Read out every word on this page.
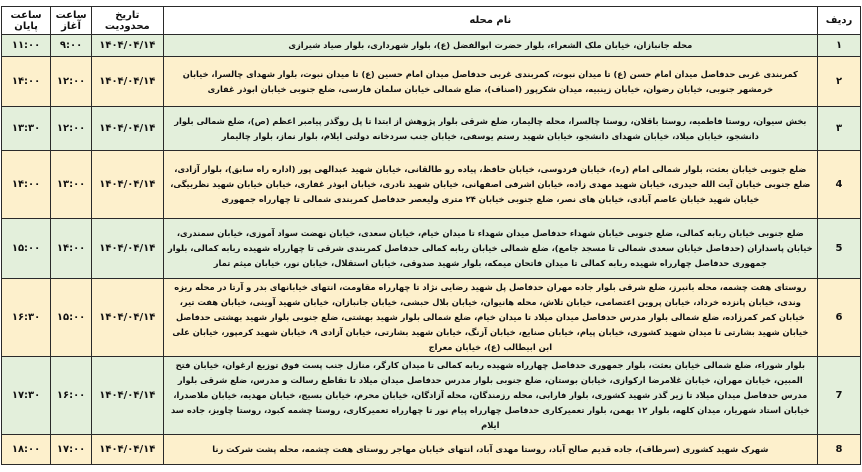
ردیف	نام محله	تاریخ محدودیت	ساعت آغاز	ساعت پایان
۱	محله جانبازان، خیابان ملک الشعراء، بلوار حضرت ابوالفضل (ع)، بلوار شهرداری، بلوار صیاد شیرازی	۱۴۰۴/۰۴/۱۴	۹:۰۰	۱۱:۰۰
۲	کمربندی غربی حدفاصل میدان امام حسن (ع) تا میدان نبوت، کمربندی غربی حدفاصل میدان امام حسین (ع) تا میدان نبوت، بلوار شهدای چالسرا، خیابان خرمشهر جنوبی، خیابان رضوان، خیابان زینبیه، میدان شکرپور (اصناف)، ضلع شمالی خیابان سلمان فارسی، ضلع جنوبی خیابان ابوذر غفاری	۱۴۰۴/۰۴/۱۴	۱۲:۰۰	۱۴:۰۰
۳	بخش سیوان، روستا فاطمیه، روستا باقلان، روستا چالسرا، محله چالیمار، ضلع شرقی بلوار پژوهش از ابتدا تا پل روگذر پیامبر اعظم (ص)، ضلع شمالی بلوار دانشجو، خیابان میلاد، خیابان شهدای دانشجو، خیابان شهید رستم یوسفی، خیابان جنب سردخانه دولتی ایلام، بلوار نماز، بلوار چالیمار	۱۴۰۴/۰۴/۱۴	۱۲:۰۰	۱۳:۳۰
4	ضلع جنوبی خیابان بعثت، بلوار شمالی امام (ره)، خیابان فردوسی، خیابان حافظ، پیاده رو طالقانی، خیابان شهید عبدالهی پور (اداره راه سابق)، بلوار آزادی، ضلع جنوبی خیابان آیت الله حیدری، خیابان شهید مهدی زاده، خیابان اشرفی اصفهانی، خیابان شهید نادری، خیابان ابوذر غفاری، خیابان خیابان شهید نظربیگی، خیابان شهید خیابان عاصم آبادی، خیابان های نصر، ضلع جنوبی خیابان ۲۴ متری ولیعصر حدفاصل کمربندی شمالی تا چهارراه جمهوری	۱۴۰۴/۰۴/۱۴	۱۳:۰۰	۱۴:۰۰
5	ضلع جنوبی خیابان ربابه کمالی، ضلع جنوبی خیابان شهداء حدفاصل میدان شهداء تا میدان خیام، خیابان سعدی، خیابان نهضت سواد آموزی، خیابان سمندری، خیابان پاسداران (حدفاصل خیابان سعدی شمالی تا مسجد جامع)، ضلع شمالی خیابان ربابه کمالی حدفاصل کمربندی شرقی تا چهارراه شهیده ربابه کمالی، بلوار جمهوری حدفاصل چهارراه شهیده ربابه کمالی تا میدان فاتحان میمکه، بلوار شهید صدوقی، خیابان استقلال، خیابان نور، خیابان میثم تمار	۱۴۰۴/۰۴/۱۴	۱۴:۰۰	۱۵:۰۰
6	روستای هفت چشمه، محله بانبرز، ضلع شرقی بلوار جاده مهران حدفاصل پل شهید رضایی نژاد تا چهارراه مقاومت، انتهای خیابانهای بدر و آرتا در محله ریزه وندی، خیابان پانزده خرداد، خیابان پروین اعتصامی، خیابان تلاش، محله هانیوان، خیابان بلال حبشی، خیابان جانبازان، خیابان شهید آوینی، خیابان هفت تیر، خیابان کمر کمرزاده، ضلع شمالی بلوار مدرس حدفاصل میدان میلاد تا میدان خیام، ضلع شمالی بلوار شهید بهشتی، ضلع جنوبی بلوار شهید بهشتی حدفاصل خیابان شهید بشارتی تا میدان شهید کشوری، خیابان پیام، خیابان صنایع، خیابان آزنگ، خیابان شهید بشارتی، خیابان آزادی ۹، خیابان شهید کرمپور، خیابان علی ابن ابیطالب (ع)، خیابان معراج	۱۴۰۴/۰۴/۱۴	۱۵:۰۰	۱۶:۳۰
7	بلوار شوراء، ضلع شمالی خیابان بعثت، بلوار جمهوری حدفاصل چهارراه شهیده ربابه کمالی تا میدان کارگر، منازل جنب پست فوق توزیع ارغوان، خیابان فتح المبین، خیابان مهران، خیابان غلامرضا ارکوازی، خیابان بوستان، ضلع جنوبی بلوار مدرس حدفاصل میدان میلاد تا تقاطع رسالت و مدرس، ضلع شرقی بلوار مدرس حدفاصل میدان میلاد تا زیر گذر شهید کشوری، بلوار فارابی، محله رزمندگان، محله آزادگان، خیابان محرم، خیابان بسیج، خیابان مهدیه، خیابان ملاصدرا، خیابان استاد شهریار، میدان کلهه، بلوار ۱۲ بهمن، بلوار تعمیرکاری حدفاصل چهارراه پیام نور تا چهارراه تعمیرکاری، روستا چشمه کبود، روستا چاویز، جاده سد ایلام	۱۴۰۴/۰۴/۱۴	۱۶:۰۰	۱۷:۳۰
8	شهرک شهید کشوری (سرطاف)، جاده قدیم صالح آباد، روستا مهدی آباد، انتهای خیابان مهاجر روستای هفت چشمه، محله پشت شرکت رنا	۱۴۰۴/۰۴/۱۴	۱۷:۰۰	۱۸:۰۰
